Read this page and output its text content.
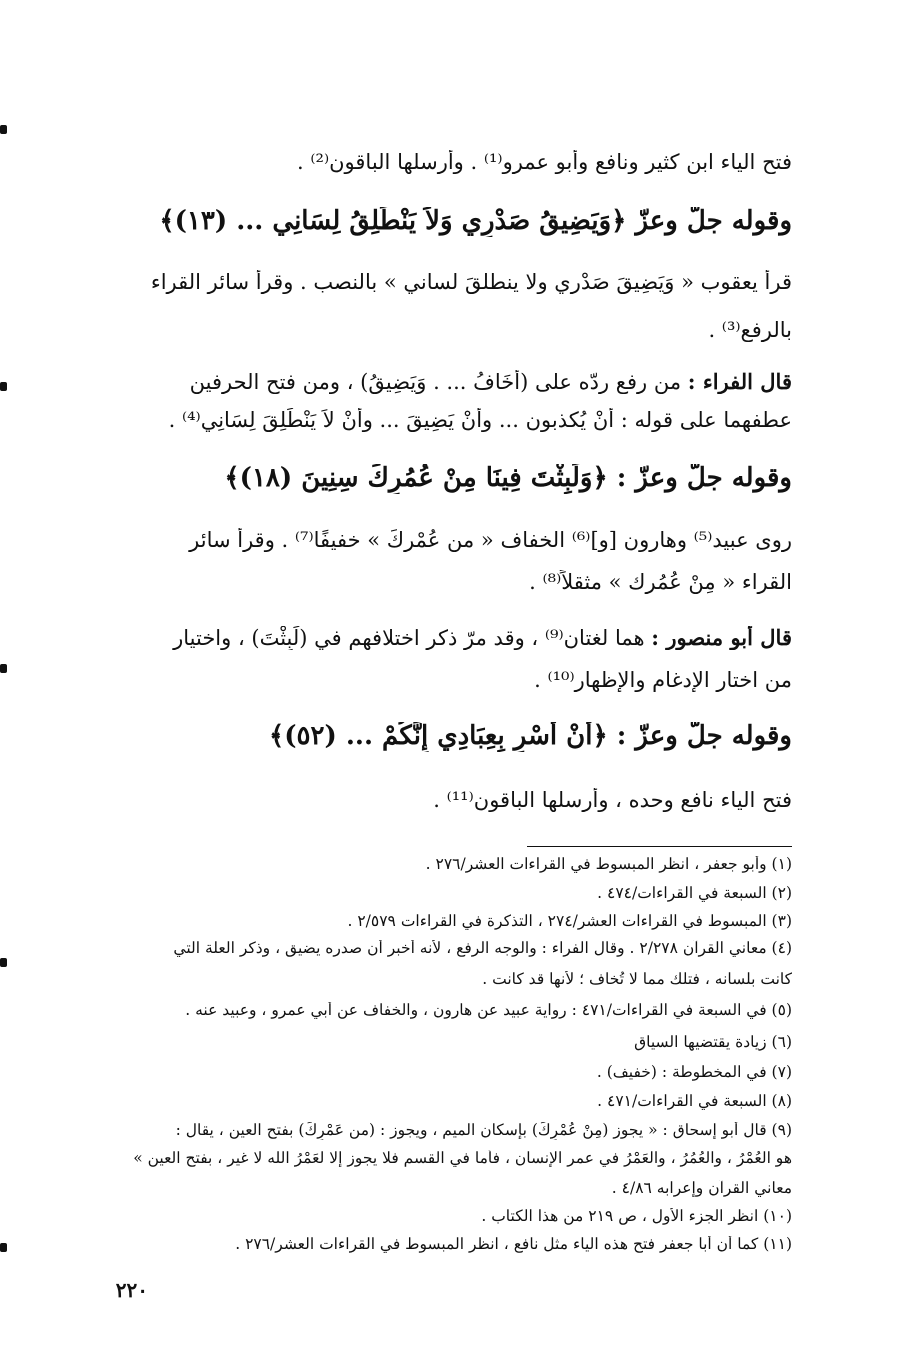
فتح الياء ابن كثير ونافع وأبو عمرو⁽¹⁾ . وأرسلها الباقون⁽²⁾ .
وقوله جلّ وعزّ ﴿وَيَضِيقُ صَدْرِي وَلاَ يَنْطَلِقُ لِسَانِي ... (١٣)﴾
قرأ يعقوب « وَيَضِيقَ صَدْرِي ولا ينطلقَ لساني » بالنصب . وقرأ سائر القراء
بالرفع⁽³⁾ .
قال الفراء : من رفع ردّه على (أَخَافُ ... . وَيَضِيقُ) ، ومن فتح الحرفين
عطفهما على قوله : أَنْ يُكذبون ... وأَنْ يَضِيقَ ... وأَنْ لاَ يَنْطَلِقَ لِسَانِي⁽⁴⁾ .
وقوله جلّ وعزّ : ﴿وَلَبِثْتَ فِينَا مِنْ عُمُرِكَ سِنِينَ (١٨)﴾
روى عبيد⁽⁵⁾ وهارون [و]⁽⁶⁾ الخفاف « من عُمْرِكَ » خفيفًا⁽⁷⁾ . وقرأ سائر
القراء « مِنْ عُمُرك » مثقلاً⁽⁸⁾ .
قال أبو منصور : هما لغتان⁽⁹⁾ ، وقد مرّ ذكر اختلافهم في (لَبِثْتَ) ، واختيار
من اختار الإدغام والإظهار⁽¹⁰⁾ .
وقوله جلّ وعزّ : ﴿أَنْ أَسْرِ بِعِبَادِي إِنَّكُمْ ... (٥٢)﴾
فتح الياء نافع وحده ، وأرسلها الباقون⁽¹¹⁾ .
(١) وأبو جعفر ، انظر المبسوط في القراءات العشر/٢٧٦ .
(٢) السبعة في القراءات/٤٧٤ .
(٣) المبسوط في القراءات العشر/٢٧٤ ، التذكرة في القراءات ٢/٥٧٩ .
(٤) معاني القرآن ٢/٢٧٨ . وقال الفراء : والوجه الرفع ، لأنه أخبر أن صدره يضيق ، وذكر العلة التي
كانت بلسانه ، فتلك مما لا تُخاف ؛ لأنها قد كانت .
(٥) في السبعة في القراءات/٤٧١ : رواية عبيد عن هارون ، والخفاف عن أبي عمرو ، وعبيد عنه .
(٦) زيادة يقتضيها السياق
(٧) في المخطوطة : (خفيف) .
(٨) السبعة في القراءات/٤٧١ .
(٩) قال أبو إسحاق : « يجوز (مِنْ عُمْرِكَ) بإسكان الميم ، ويجوز : (من عَمْرِكَ) بفتح العين ، يقال :
هو العُمْرُ ، والعُمُرُ ، والعَمْرُ في عمر الإنسان ، فأما في القسم فلا يجوز إلا لعَمْرُ الله لا غير ، بفتح العين »
معاني القرآن وإعرابه ٤/٨٦ .
(١٠) انظر الجزء الأول ، ص ٢١٩ من هذا الكتاب .
(١١) كما أن أبا جعفر فتح هذه الياء مثل نافع ، انظر المبسوط في القراءات العشر/٢٧٦ .
٢٢٠
